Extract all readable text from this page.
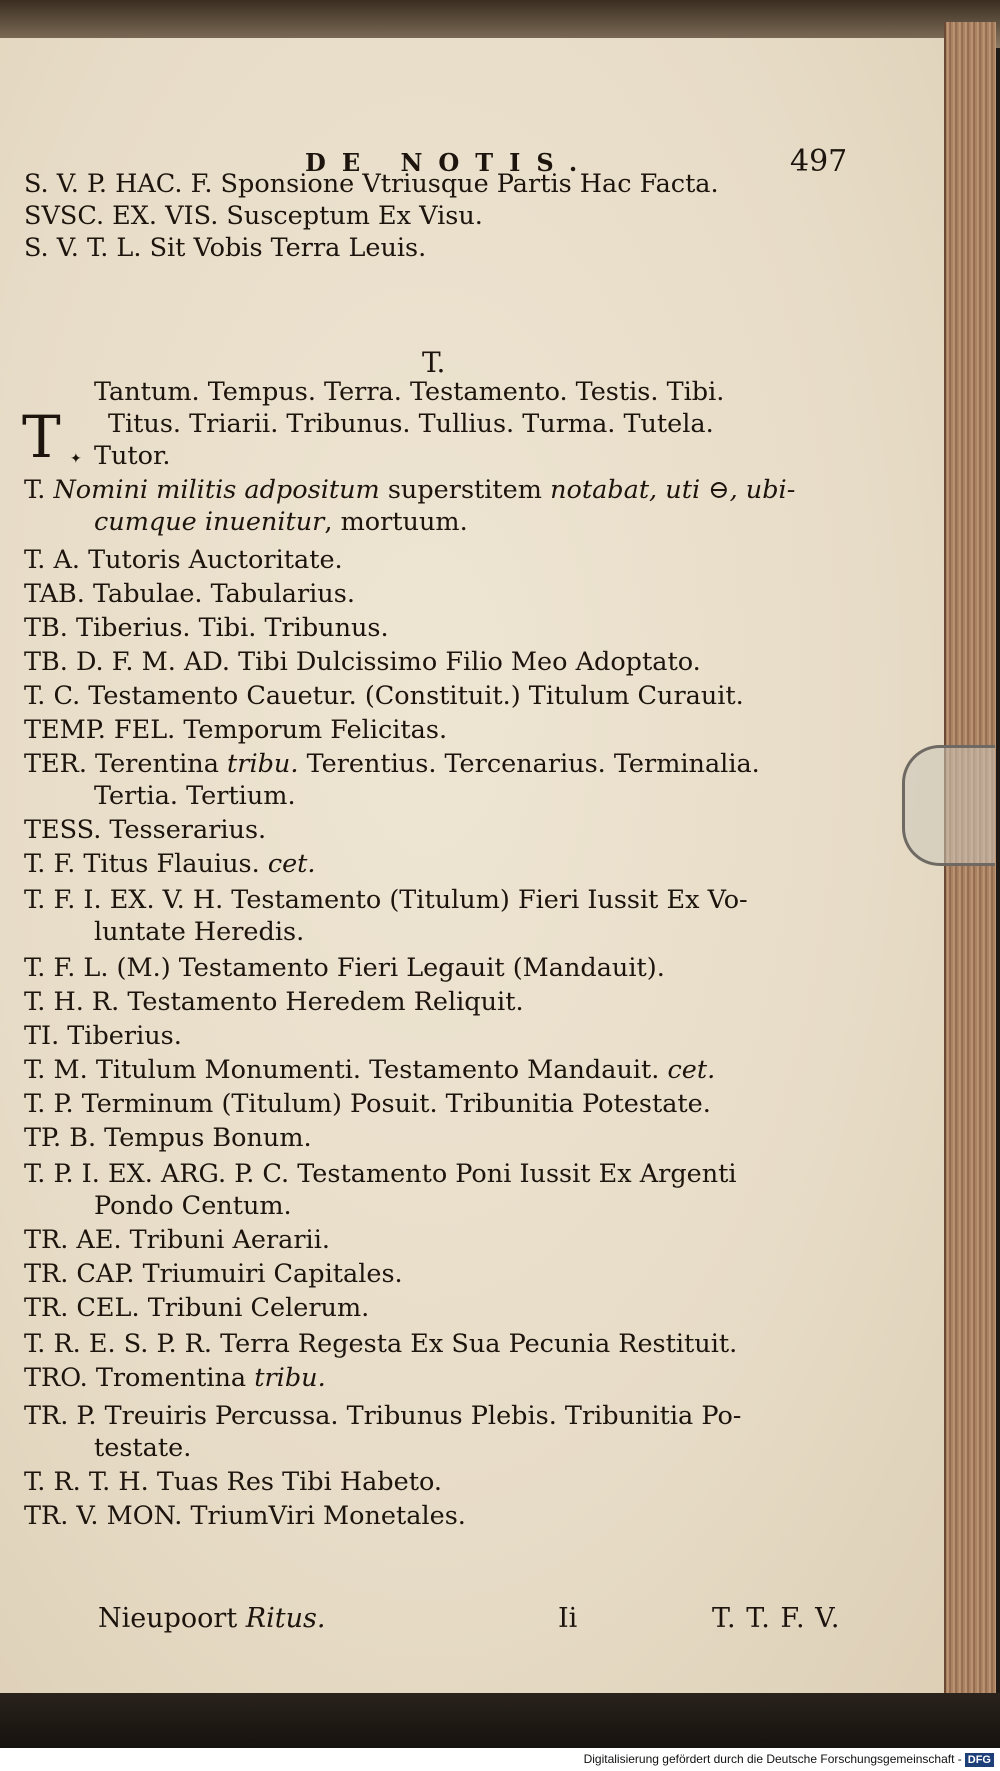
DE NOTIS.	497
S. V. P. HAC. F. Sponsione Vtriusque Partis Hac Facta.
SVSC. EX. VIS. Susceptum Ex Visu.
S. V. T. L. Sit Vobis Terra Leuis.
T.
T ✦
Tantum. Tempus. Terra. Testamento. Testis. Tibi.
Titus. Triarii. Tribunus. Tullius. Turma. Tutela.
Tutor.
T. Nomini militis adpositum superstitem notabat, uti ⊖, ubi-
cumque inuenitur, mortuum.
T. A. Tutoris Auctoritate.
TAB. Tabulae. Tabularius.
TB. Tiberius. Tibi. Tribunus.
TB. D. F. M. AD. Tibi Dulcissimo Filio Meo Adoptato.
T. C. Testamento Cauetur. (Constituit.) Titulum Curauit.
TEMP. FEL. Temporum Felicitas.
TER. Terentina tribu. Terentius. Tercenarius. Terminalia.
Tertia. Tertium.
TESS. Tesserarius.
T. F. Titus Flauius. cet.
T. F. I. EX. V. H. Testamento (Titulum) Fieri Iussit Ex Vo-
luntate Heredis.
T. F. L. (M.) Testamento Fieri Legauit (Mandauit).
T. H. R. Testamento Heredem Reliquit.
TI. Tiberius.
T. M. Titulum Monumenti. Testamento Mandauit. cet.
T. P. Terminum (Titulum) Posuit. Tribunitia Potestate.
TP. B. Tempus Bonum.
T. P. I. EX. ARG. P. C. Testamento Poni Iussit Ex Argenti
Pondo Centum.
TR. AE. Tribuni Aerarii.
TR. CAP. Triumuiri Capitales.
TR. CEL. Tribuni Celerum.
T. R. E. S. P. R. Terra Regesta Ex Sua Pecunia Restituit.
TRO. Tromentina tribu.
TR. P. Treuiris Percussa. Tribunus Plebis. Tribunitia Po-
testate.
T. R. T. H. Tuas Res Tibi Habeto.
TR. V. MON. TriumViri Monetales.
Nieupoort Ritus.	Ii	T. T. F. V.
Digitalisierung gefördert durch die Deutsche Forschungsgemeinschaft - DFG
